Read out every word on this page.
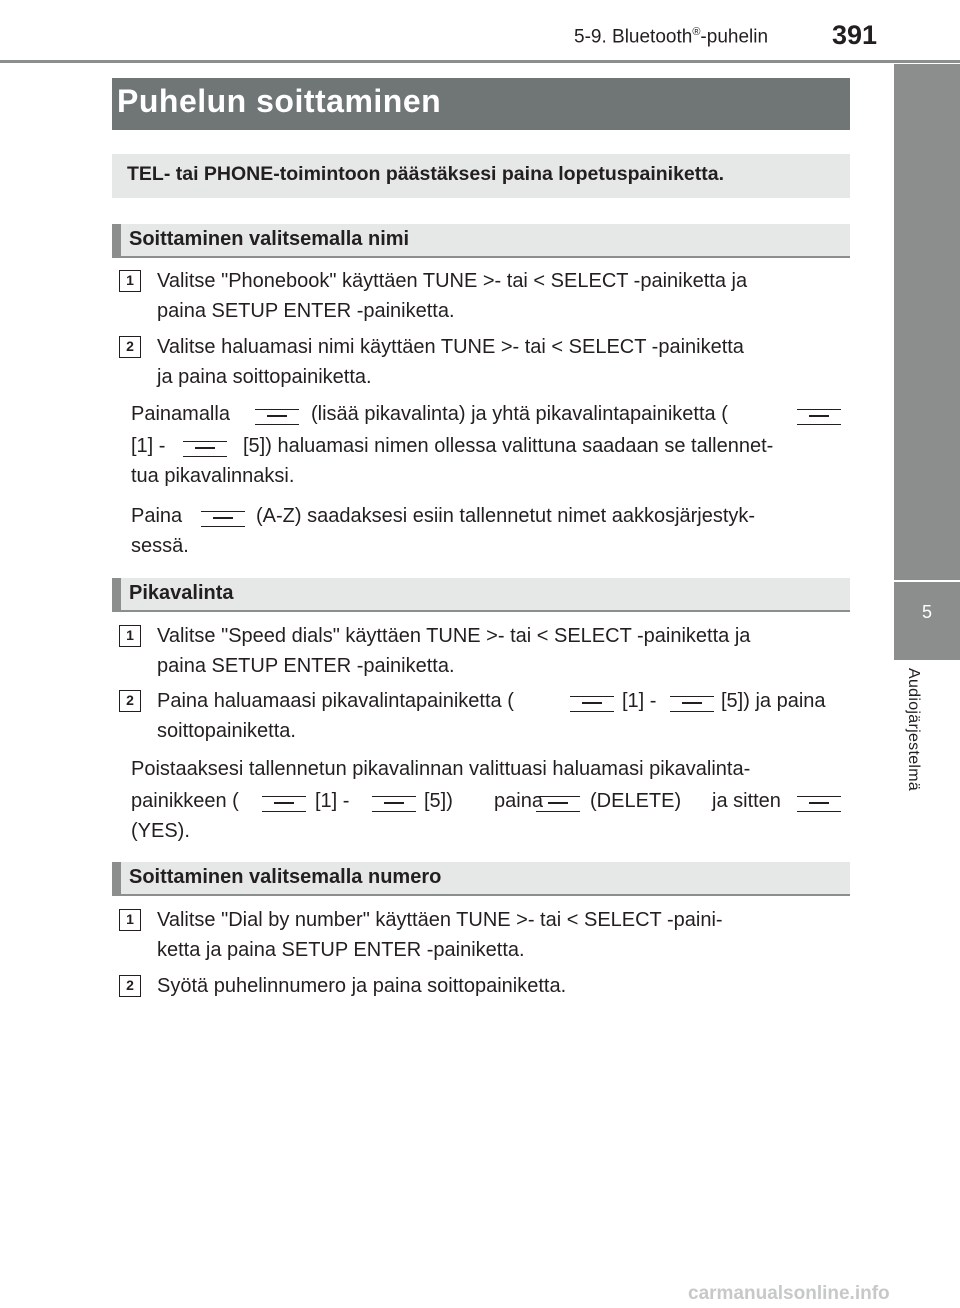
5-9. Bluetooth®-puhelin 391
5
Audiojärjestelmä
Puhelun soittaminen
TEL- tai PHONE-toimintoon päästäksesi paina lopetuspainiketta.
Soittaminen valitsemalla nimi
1	Valitse "Phonebook" käyttäen TUNE >- tai < SELECT -painiketta ja
paina SETUP ENTER -painiketta.
2	Valitse haluamasi nimi käyttäen TUNE >- tai < SELECT -painiketta
ja paina soittopainiketta.
Painamalla	(lisää pikavalinta) ja yhtä pikavalintapainiketta (
[1] -	[5]) haluamasi nimen ollessa valittuna saadaan se tallennet-
tua pikavalinnaksi.
Paina	(A-Z) saadaksesi esiin tallennetut nimet aakkosjärjestyk-
sessä.
Pikavalinta
1	Valitse "Speed dials" käyttäen TUNE >- tai < SELECT -painiketta ja
paina SETUP ENTER -painiketta.
2	Paina haluamaasi pikavalintapainiketta (	[1] -	[5]) ja paina
soittopainiketta.
Poistaaksesi tallennetun pikavalinnan valittuasi haluamasi pikavalinta-
painikkeen (	[1] -	[5]) paina (DELETE) ja sitten
(YES).
Soittaminen valitsemalla numero
1	Valitse "Dial by number" käyttäen TUNE >- tai < SELECT -paini-
ketta ja paina SETUP ENTER -painiketta.
2	Syötä puhelinnumero ja paina soittopainiketta.
carmanualsonline.info
